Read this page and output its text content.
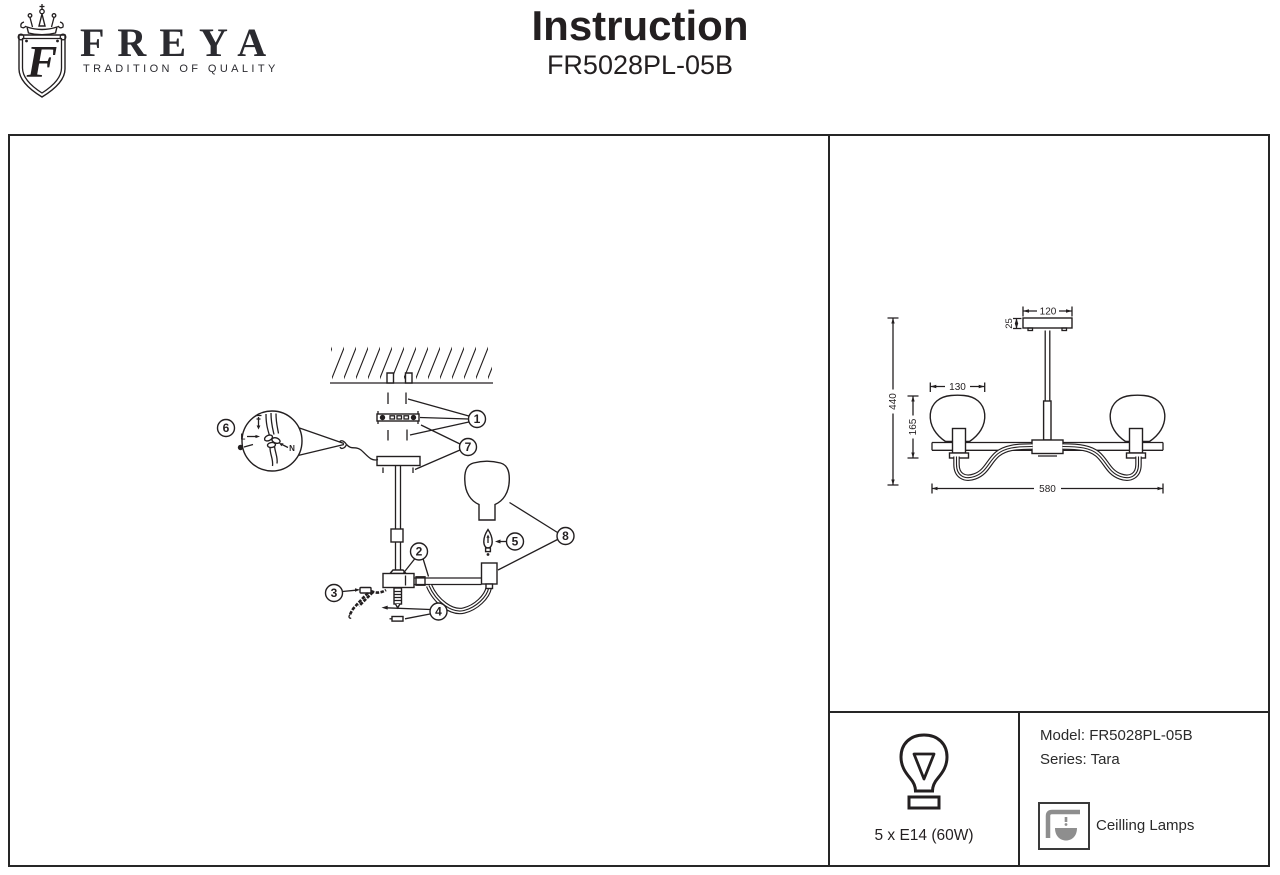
F FREYA
TRADITION OF QUALITY
Instruction
FR5028PL-05B
L
N
1
7
6
2
3
4
5	8
120
25
130
165
440
580
5 x E14 (60W)
Model: FR5028PL-05B
Series: Tara
Ceilling Lamps
